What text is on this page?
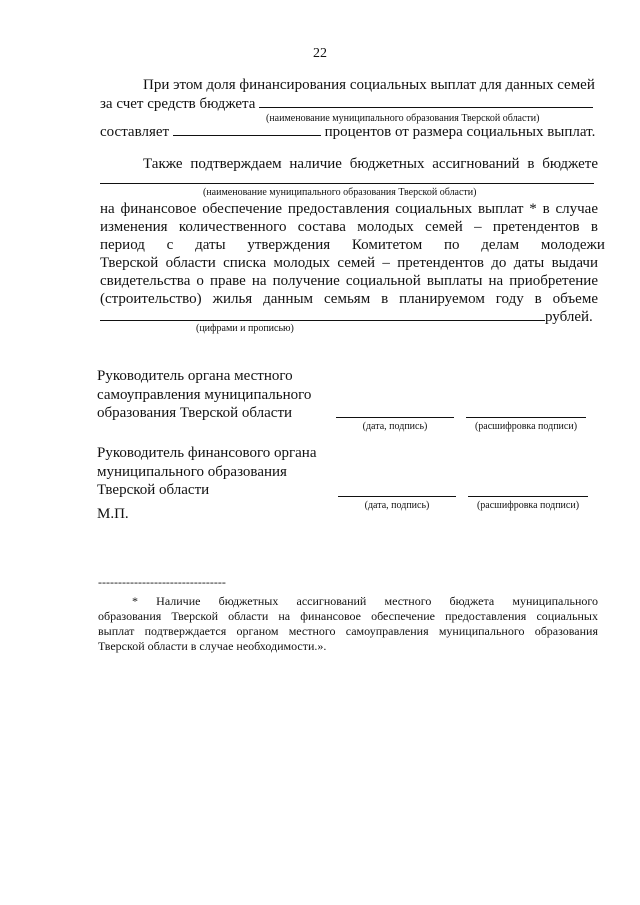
22
При этом доля финансирования социальных выплат для данных семей
за счет средств бюджета
(наименование муниципального образования Тверской области)
составляет	процентов от размера социальных выплат.
Также подтверждаем наличие бюджетных ассигнований в бюджете
(наименование муниципального образования Тверской области)
на финансовое обеспечение предоставления социальных выплат * в случае
изменения количественного состава молодых семей – претендентов в
период с даты утверждения Комитетом по делам молодежи
Тверской области списка молодых семей – претендентов до даты выдачи
свидетельства о праве на получение социальной выплаты на приобретение
(строительство) жилья данным семьям в планируемом году в объеме
рублей.
(цифрами и прописью)
Руководитель органа местного
самоуправления муниципального
образования Тверской области
(дата, подпись)	(расшифровка подписи)
Руководитель финансового органа
муниципального образования
Тверской области
(дата, подпись)	(расшифровка подписи)
М.П.
--------------------------------
* Наличие бюджетных ассигнований местного бюджета муниципального
образования Тверской области на финансовое обеспечение предоставления социальных
выплат подтверждается органом местного самоуправления муниципального образования
Тверской области в случае необходимости.».
